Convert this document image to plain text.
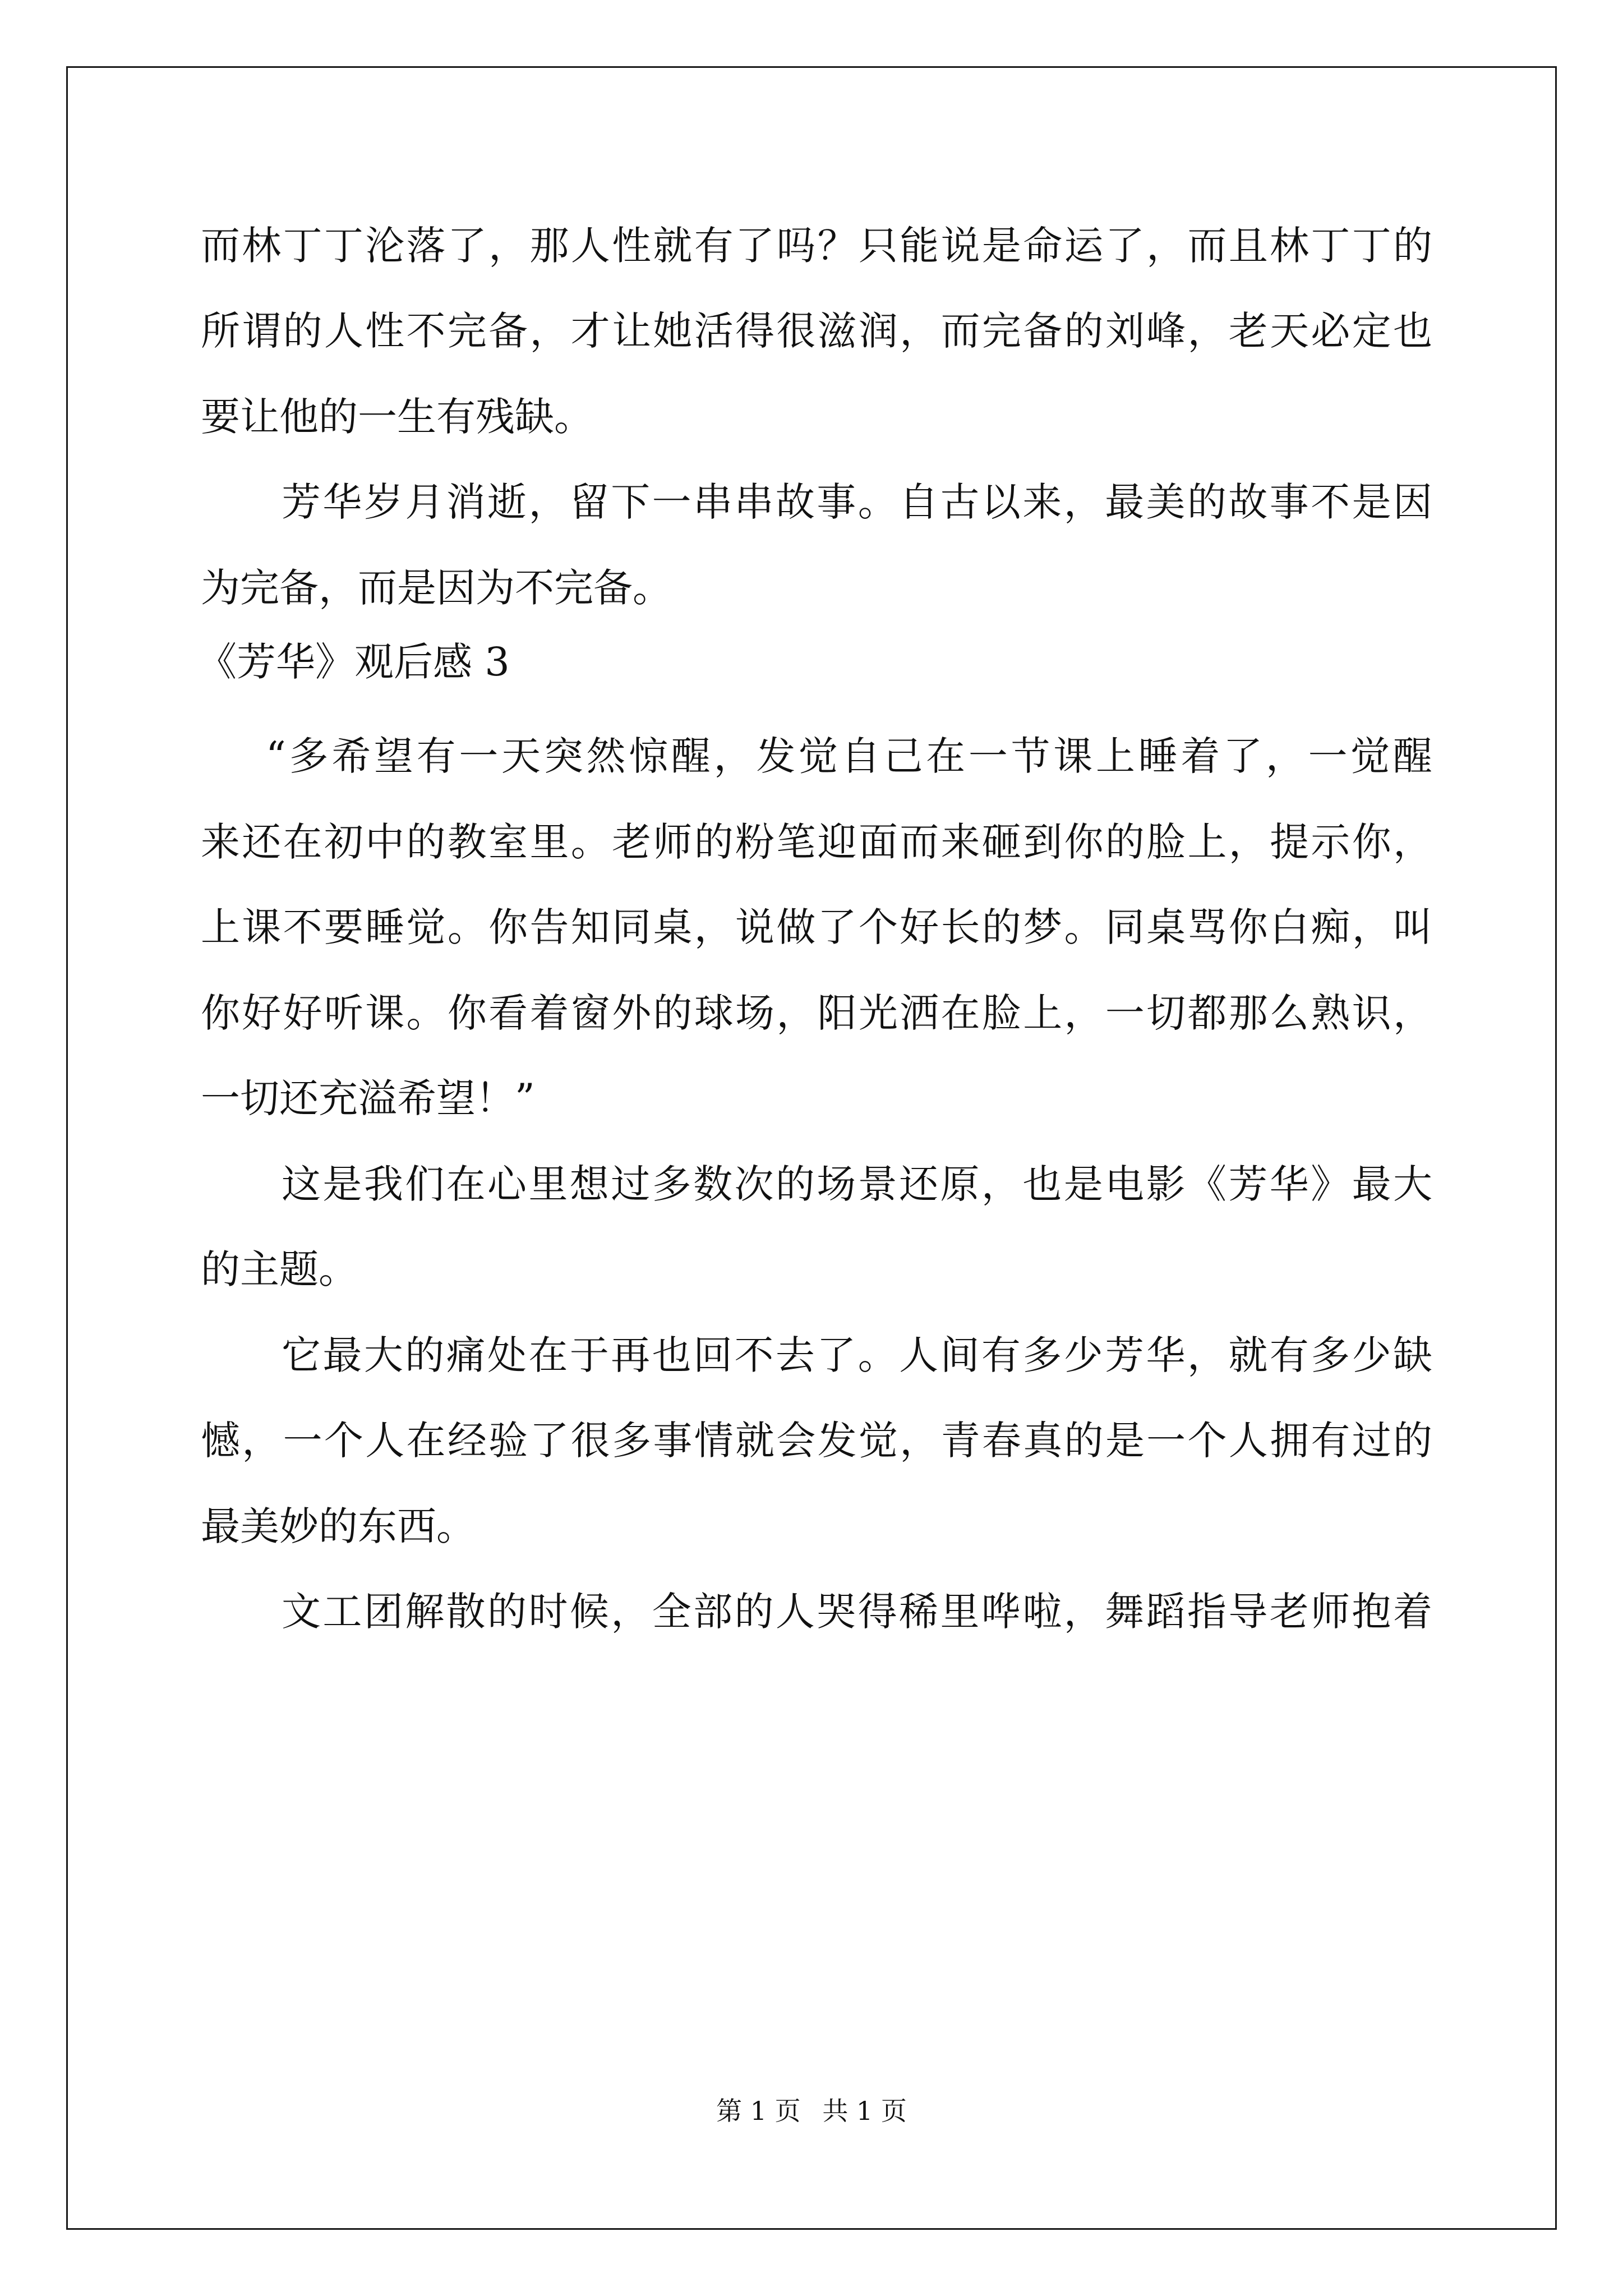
而林丁丁沦落了，那人性就有了吗？只能说是命运了，而且林丁丁的
所谓的人性不完备，才让她活得很滋润，而完备的刘峰，老天必定也
要让他的一生有残缺。
芳华岁月消逝，留下一串串故事。自古以来，最美的故事不是因
为完备，而是因为不完备。
《芳华》观后感 3
“多希望有一天突然惊醒，发觉自己在一节课上睡着了，一觉醒
来还在初中的教室里。老师的粉笔迎面而来砸到你的脸上，提示你，
上课不要睡觉。你告知同桌，说做了个好长的梦。同桌骂你白痴，叫
你好好听课。你看着窗外的球场，阳光洒在脸上，一切都那么熟识，
一切还充溢希望！”
这是我们在心里想过多数次的场景还原，也是电影《芳华》最大
的主题。
它最大的痛处在于再也回不去了。人间有多少芳华，就有多少缺
憾，一个人在经验了很多事情就会发觉，青春真的是一个人拥有过的
最美妙的东西。
文工团解散的时候，全部的人哭得稀里哗啦，舞蹈指导老师抱着
第 1 页 共 1 页
